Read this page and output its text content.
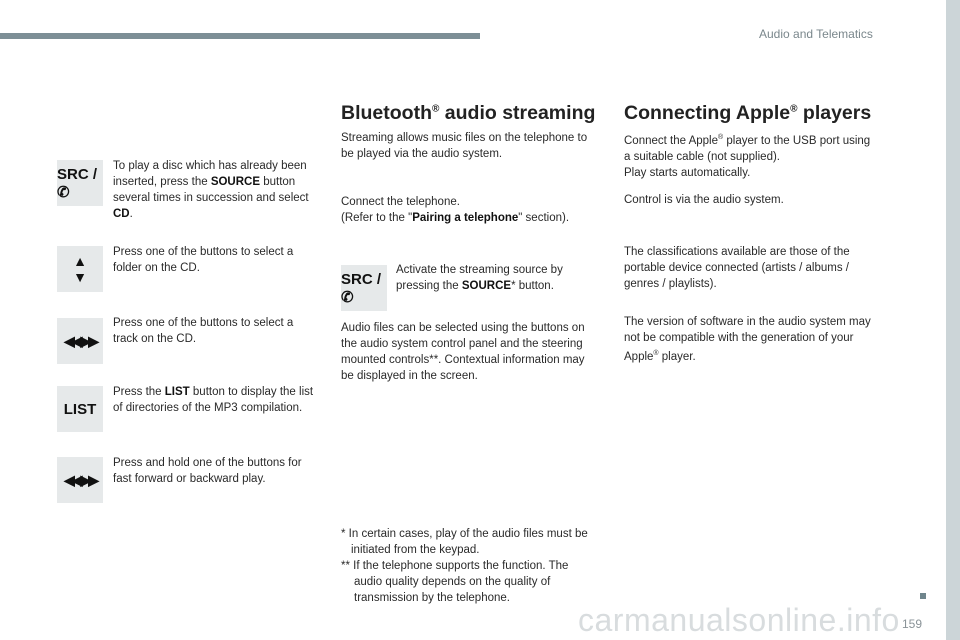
Audio and Telematics
carmanualsonline.info 159
SRC / ✆
To play a disc which has already been inserted, press the SOURCE button several times in succession and select CD.
▲
▼
Press one of the buttons to select a folder on the CD.
◀◀ ▶▶
Press one of the buttons to select a track on the CD.
LIST
Press the LIST button to display the list of directories of the MP3 compilation.
◀◀ ▶▶
Press and hold one of the buttons for fast forward or backward play.
Bluetooth® audio streaming
Streaming allows music files on the telephone to be played via the audio system.
Connect the telephone.
(Refer to the "Pairing a telephone" section).
SRC / ✆
Activate the streaming source by pressing the SOURCE* button.
Audio files can be selected using the buttons on the audio system control panel and the steering mounted controls**. Contextual information may be displayed in the screen.
* In certain cases, play of the audio files must be initiated from the keypad.
** If the telephone supports the function. The audio quality depends on the quality of transmission by the telephone.
Connecting Apple® players
Connect the Apple® player to the USB port using a suitable cable (not supplied).
Play starts automatically.
Control is via the audio system.
The classifications available are those of the portable device connected (artists / albums / genres / playlists).
The version of software in the audio system may not be compatible with the generation of your Apple® player.
